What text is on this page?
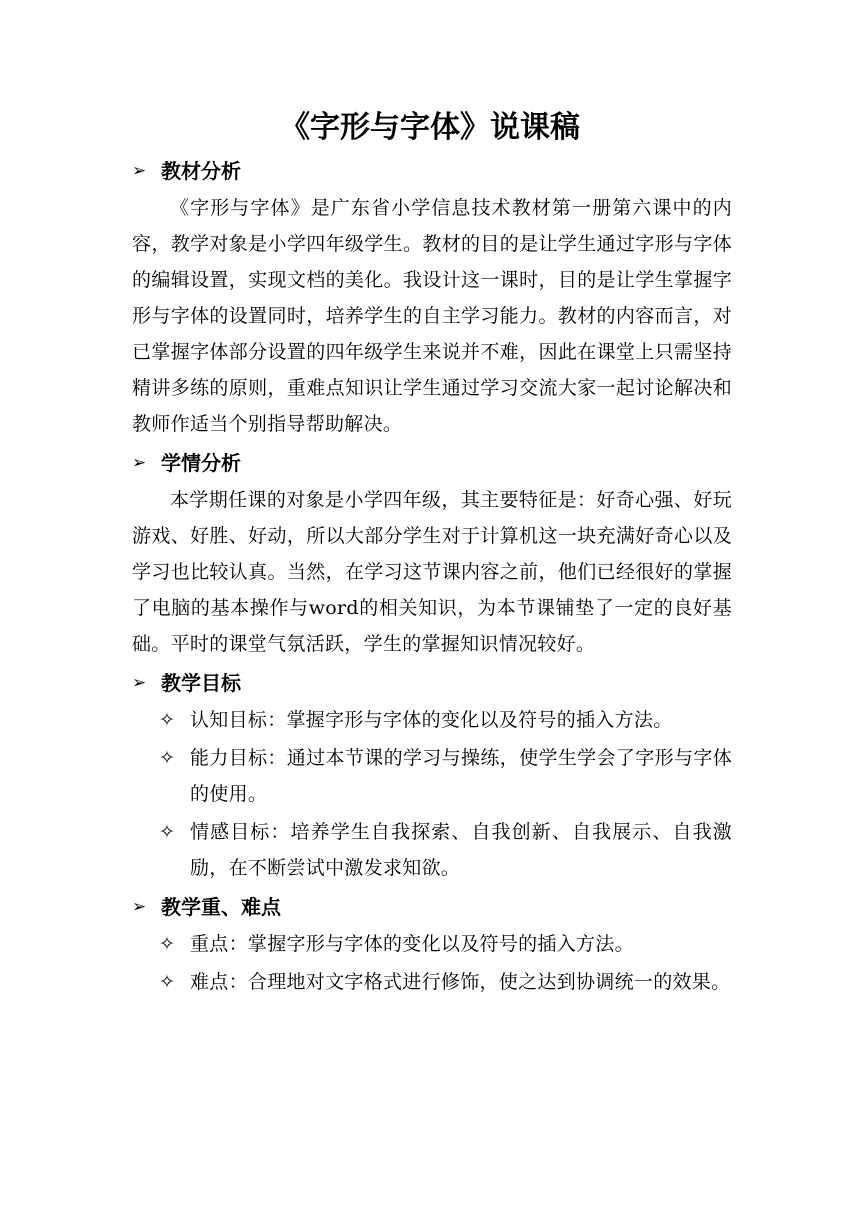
《字形与字体》说课稿
➢ 教材分析

《字形与字体》是广东省小学信息技术教材第一册第六课中的内容，教学对象是小学四年级学生。教材的目的是让学生通过字形与字体的编辑设置，实现文档的美化。我设计这一课时，目的是让学生掌握字形与字体的设置同时，培养学生的自主学习能力。教材的内容而言，对已掌握字体部分设置的四年级学生来说并不难，因此在课堂上只需坚持精讲多练的原则，重难点知识让学生通过学习交流大家一起讨论解决和教师作适当个别指导帮助解决。

➢ 学情分析

本学期任课的对象是小学四年级，其主要特征是：好奇心强、好玩游戏、好胜、好动，所以大部分学生对于计算机这一块充满好奇心以及学习也比较认真。当然，在学习这节课内容之前，他们已经很好的掌握了电脑的基本操作与word的相关知识，为本节课铺垫了一定的良好基础。平时的课堂气氛活跃，学生的掌握知识情况较好。

➢ 教学目标
✧ 认知目标：掌握字形与字体的变化以及符号的插入方法。
✧ 能力目标：通过本节课的学习与操练，使学生学会了字形与字体的使用。
✧ 情感目标：培养学生自我探索、自我创新、自我展示、自我激励，在不断尝试中激发求知欲。
➢ 教学重、难点
✧ 重点：掌握字形与字体的变化以及符号的插入方法。
✧ 难点：合理地对文字格式进行修饰，使之达到协调统一的效果。
